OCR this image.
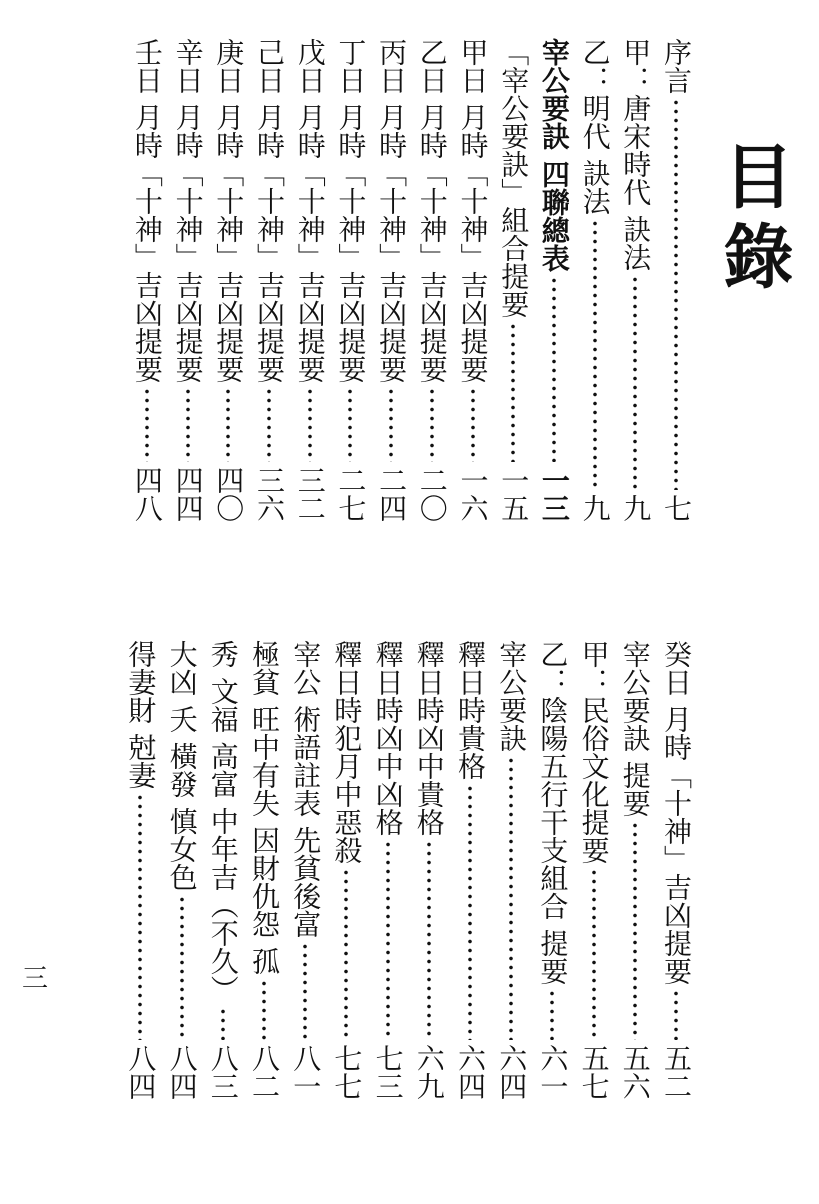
目錄
序言
七
甲：唐宋時代 訣法
九
乙：明代 訣法
九
宰公要訣 四聯總表
一三
「宰公要訣」組合提要
一五
甲日 月時「十神」吉凶提要
一六
乙日 月時「十神」吉凶提要
二〇
丙日 月時「十神」吉凶提要
二四
丁日 月時「十神」吉凶提要
二七
戊日 月時「十神」吉凶提要
三二
己日 月時「十神」吉凶提要
三六
庚日 月時「十神」吉凶提要
四〇
辛日 月時「十神」吉凶提要
四四
壬日 月時「十神」吉凶提要
四八
癸日 月時「十神」吉凶提要
五二
宰公要訣 提要
五六
甲：民俗文化提要
五七
乙：陰陽五行干支組合 提要
六一
宰公要訣
六四
釋日時貴格
六四
釋日時凶中貴格
六九
釋日時凶中凶格
七三
釋日時犯月中惡殺
七七
宰公 術語註表 先貧後富
八一
極貧 旺中有失 因財仇怨 孤
八二
秀 文福 高富 中年吉（不久）
八三
大凶 夭 橫發 慎女色
八四
得妻財 尅妻
八四
三
